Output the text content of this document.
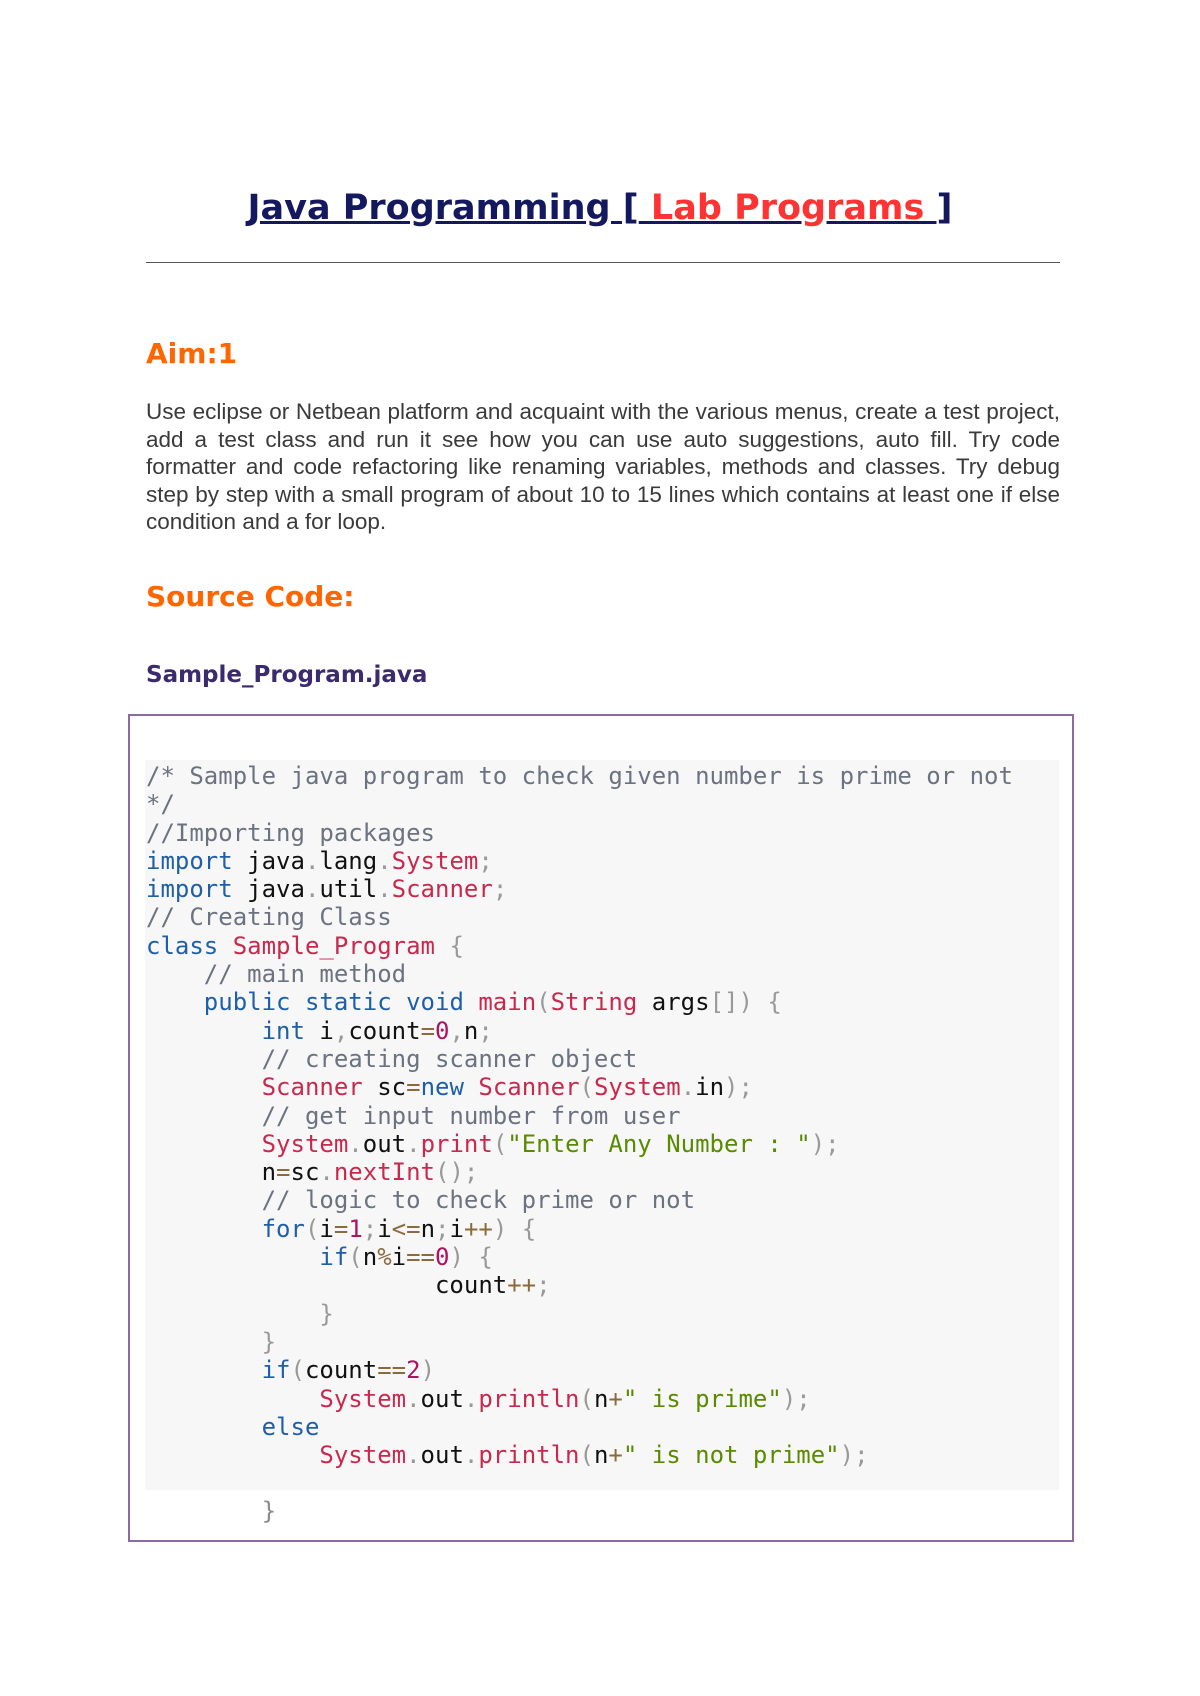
Java Programming [ Lab Programs ]
Aim:1
Use eclipse or Netbean platform and acquaint with the various menus, create a test project, add a test class and run it see how you can use auto suggestions, auto fill. Try code formatter and code refactoring like renaming variables, methods and classes. Try debug step by step with a small program of about 10 to 15 lines which contains at least one if else condition and a for loop.
Source Code:
Sample_Program.java
/* Sample java program to check given number is prime or not
*/
//Importing packages
import java.lang.System;
import java.util.Scanner;
// Creating Class
class Sample_Program {
// main method
public static void main(String args[]) {
int i,count=0,n;
// creating scanner object
Scanner sc=new Scanner(System.in);
// get input number from user
System.out.print("Enter Any Number : ");
n=sc.nextInt();
// logic to check prime or not
for(i=1;i<=n;i++) {
if(n%i==0) {
count++;
}
}
if(count==2)
System.out.println(n+" is prime");
else
System.out.println(n+" is not prime");

}
